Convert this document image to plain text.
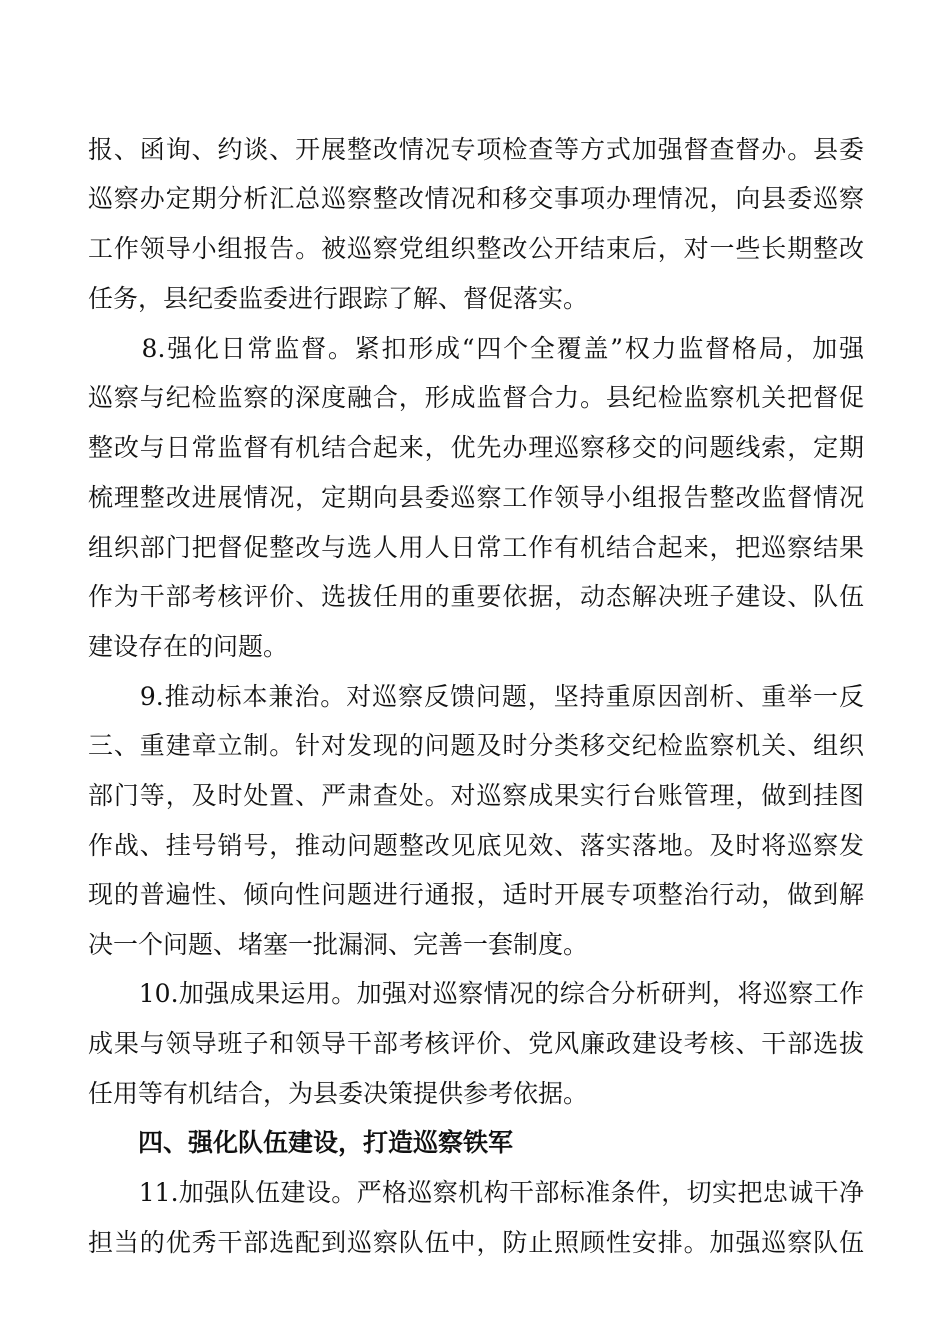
报、函询、约谈、开展整改情况专项检查等方式加强督查督办。县委
巡察办定期分析汇总巡察整改情况和移交事项办理情况，向县委巡察
工作领导小组报告。被巡察党组织整改公开结束后，对一些长期整改
任务，县纪委监委进行跟踪了解、督促落实。
　　8.强化日常监督。紧扣形成“四个全覆盖”权力监督格局，加强
巡察与纪检监察的深度融合，形成监督合力。县纪检监察机关把督促
整改与日常监督有机结合起来，优先办理巡察移交的问题线索，定期
梳理整改进展情况，定期向县委巡察工作领导小组报告整改监督情况
组织部门把督促整改与选人用人日常工作有机结合起来，把巡察结果
作为干部考核评价、选拔任用的重要依据，动态解决班子建设、队伍
建设存在的问题。
　　9.推动标本兼治。对巡察反馈问题，坚持重原因剖析、重举一反
三、重建章立制。针对发现的问题及时分类移交纪检监察机关、组织
部门等，及时处置、严肃查处。对巡察成果实行台账管理，做到挂图
作战、挂号销号，推动问题整改见底见效、落实落地。及时将巡察发
现的普遍性、倾向性问题进行通报，适时开展专项整治行动，做到解
决一个问题、堵塞一批漏洞、完善一套制度。
　　10.加强成果运用。加强对巡察情况的综合分析研判，将巡察工作
成果与领导班子和领导干部考核评价、党风廉政建设考核、干部选拔
任用等有机结合，为县委决策提供参考依据。
　　四、强化队伍建设，打造巡察铁军
　　11.加强队伍建设。严格巡察机构干部标准条件，切实把忠诚干净
担当的优秀干部选配到巡察队伍中，防止照顾性安排。加强巡察队伍
